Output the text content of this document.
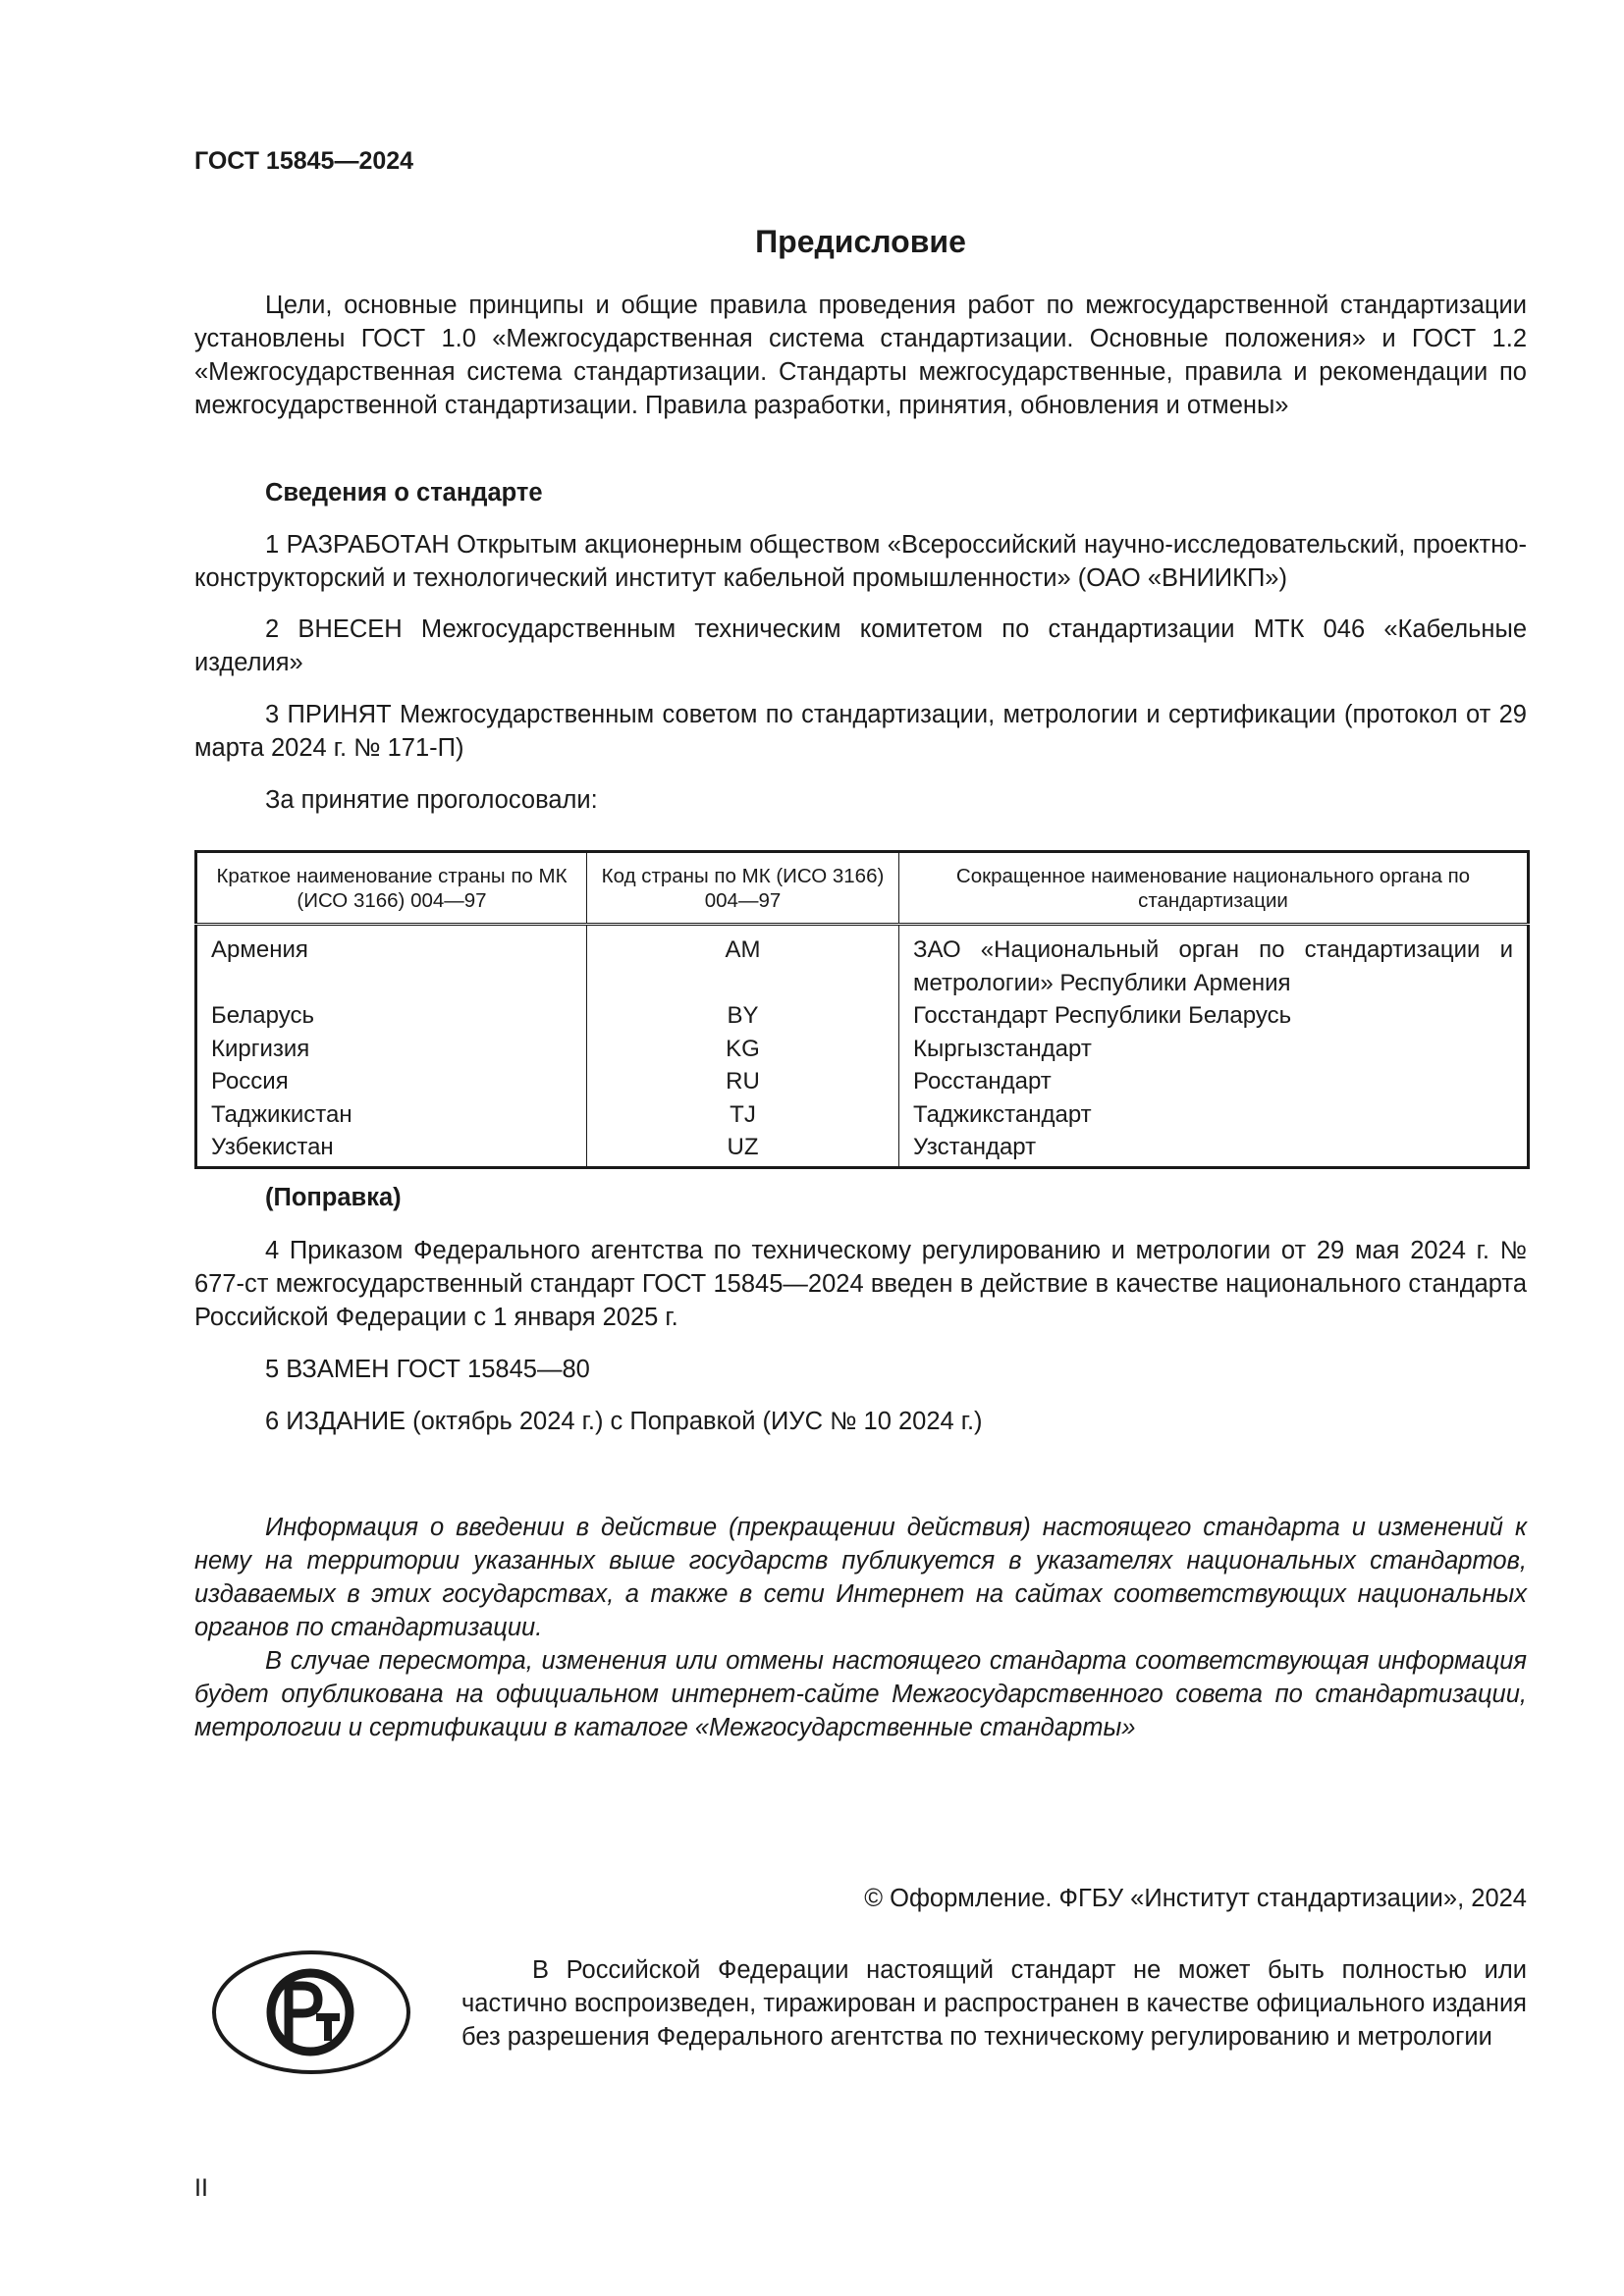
ГОСТ 15845—2024
Предисловие

Цели, основные принципы и общие правила проведения работ по межгосударственной стандартизации установлены ГОСТ 1.0 «Межгосударственная система стандартизации. Основные положения» и ГОСТ 1.2 «Межгосударственная система стандартизации. Стандарты межгосударственные, правила и рекомендации по межгосударственной стандартизации. Правила разработки, принятия, обновления и отмены»

Сведения о стандарте

1 РАЗРАБОТАН Открытым акционерным обществом «Всероссийский научно-исследовательский, проектно-конструкторский и технологический институт кабельной промышленности» (ОАО «ВНИИКП»)

2 ВНЕСЕН Межгосударственным техническим комитетом по стандартизации МТК 046 «Кабельные изделия»

3 ПРИНЯТ Межгосударственным советом по стандартизации, метрологии и сертификации (протокол от 29 марта 2024 г. № 171-П)

За принятие проголосовали:

Краткое наименование страны по МК (ИСО 3166) 004—97	Код страны по МК (ИСО 3166) 004—97	Сокращенное наименование национального органа по стандартизации
Армения	AM	ЗАО «Национальный орган по стандартизации и метрологии» Республики Армения
Беларусь	BY	Госстандарт Республики Беларусь
Киргизия	KG	Кыргызстандарт
Россия	RU	Росстандарт
Таджикистан	TJ	Таджикстандарт
Узбекистан	UZ	Узстандарт

(Поправка)

4 Приказом Федерального агентства по техническому регулированию и метрологии от 29 мая 2024 г. № 677-ст межгосударственный стандарт ГОСТ 15845—2024 введен в действие в качестве национального стандарта Российской Федерации с 1 января 2025 г.

5 ВЗАМЕН ГОСТ 15845—80

6 ИЗДАНИЕ (октябрь 2024 г.) с Поправкой (ИУС № 10 2024 г.)

Информация о введении в действие (прекращении действия) настоящего стандарта и изменений к нему на территории указанных выше государств публикуется в указателях национальных стандартов, издаваемых в этих государствах, а также в сети Интернет на сайтах соответствующих национальных органов по стандартизации.

В случае пересмотра, изменения или отмены настоящего стандарта соответствующая информация будет опубликована на официальном интернет-сайте Межгосударственного совета по стандартизации, метрологии и сертификации в каталоге «Межгосударственные стандарты»

© Оформление. ФГБУ «Институт стандартизации», 2024

В Российской Федерации настоящий стандарт не может быть полностью или частично воспроизведен, тиражирован и распространен в качестве официального издания без разрешения Федерального агентства по техническому регулированию и метрологии

II
